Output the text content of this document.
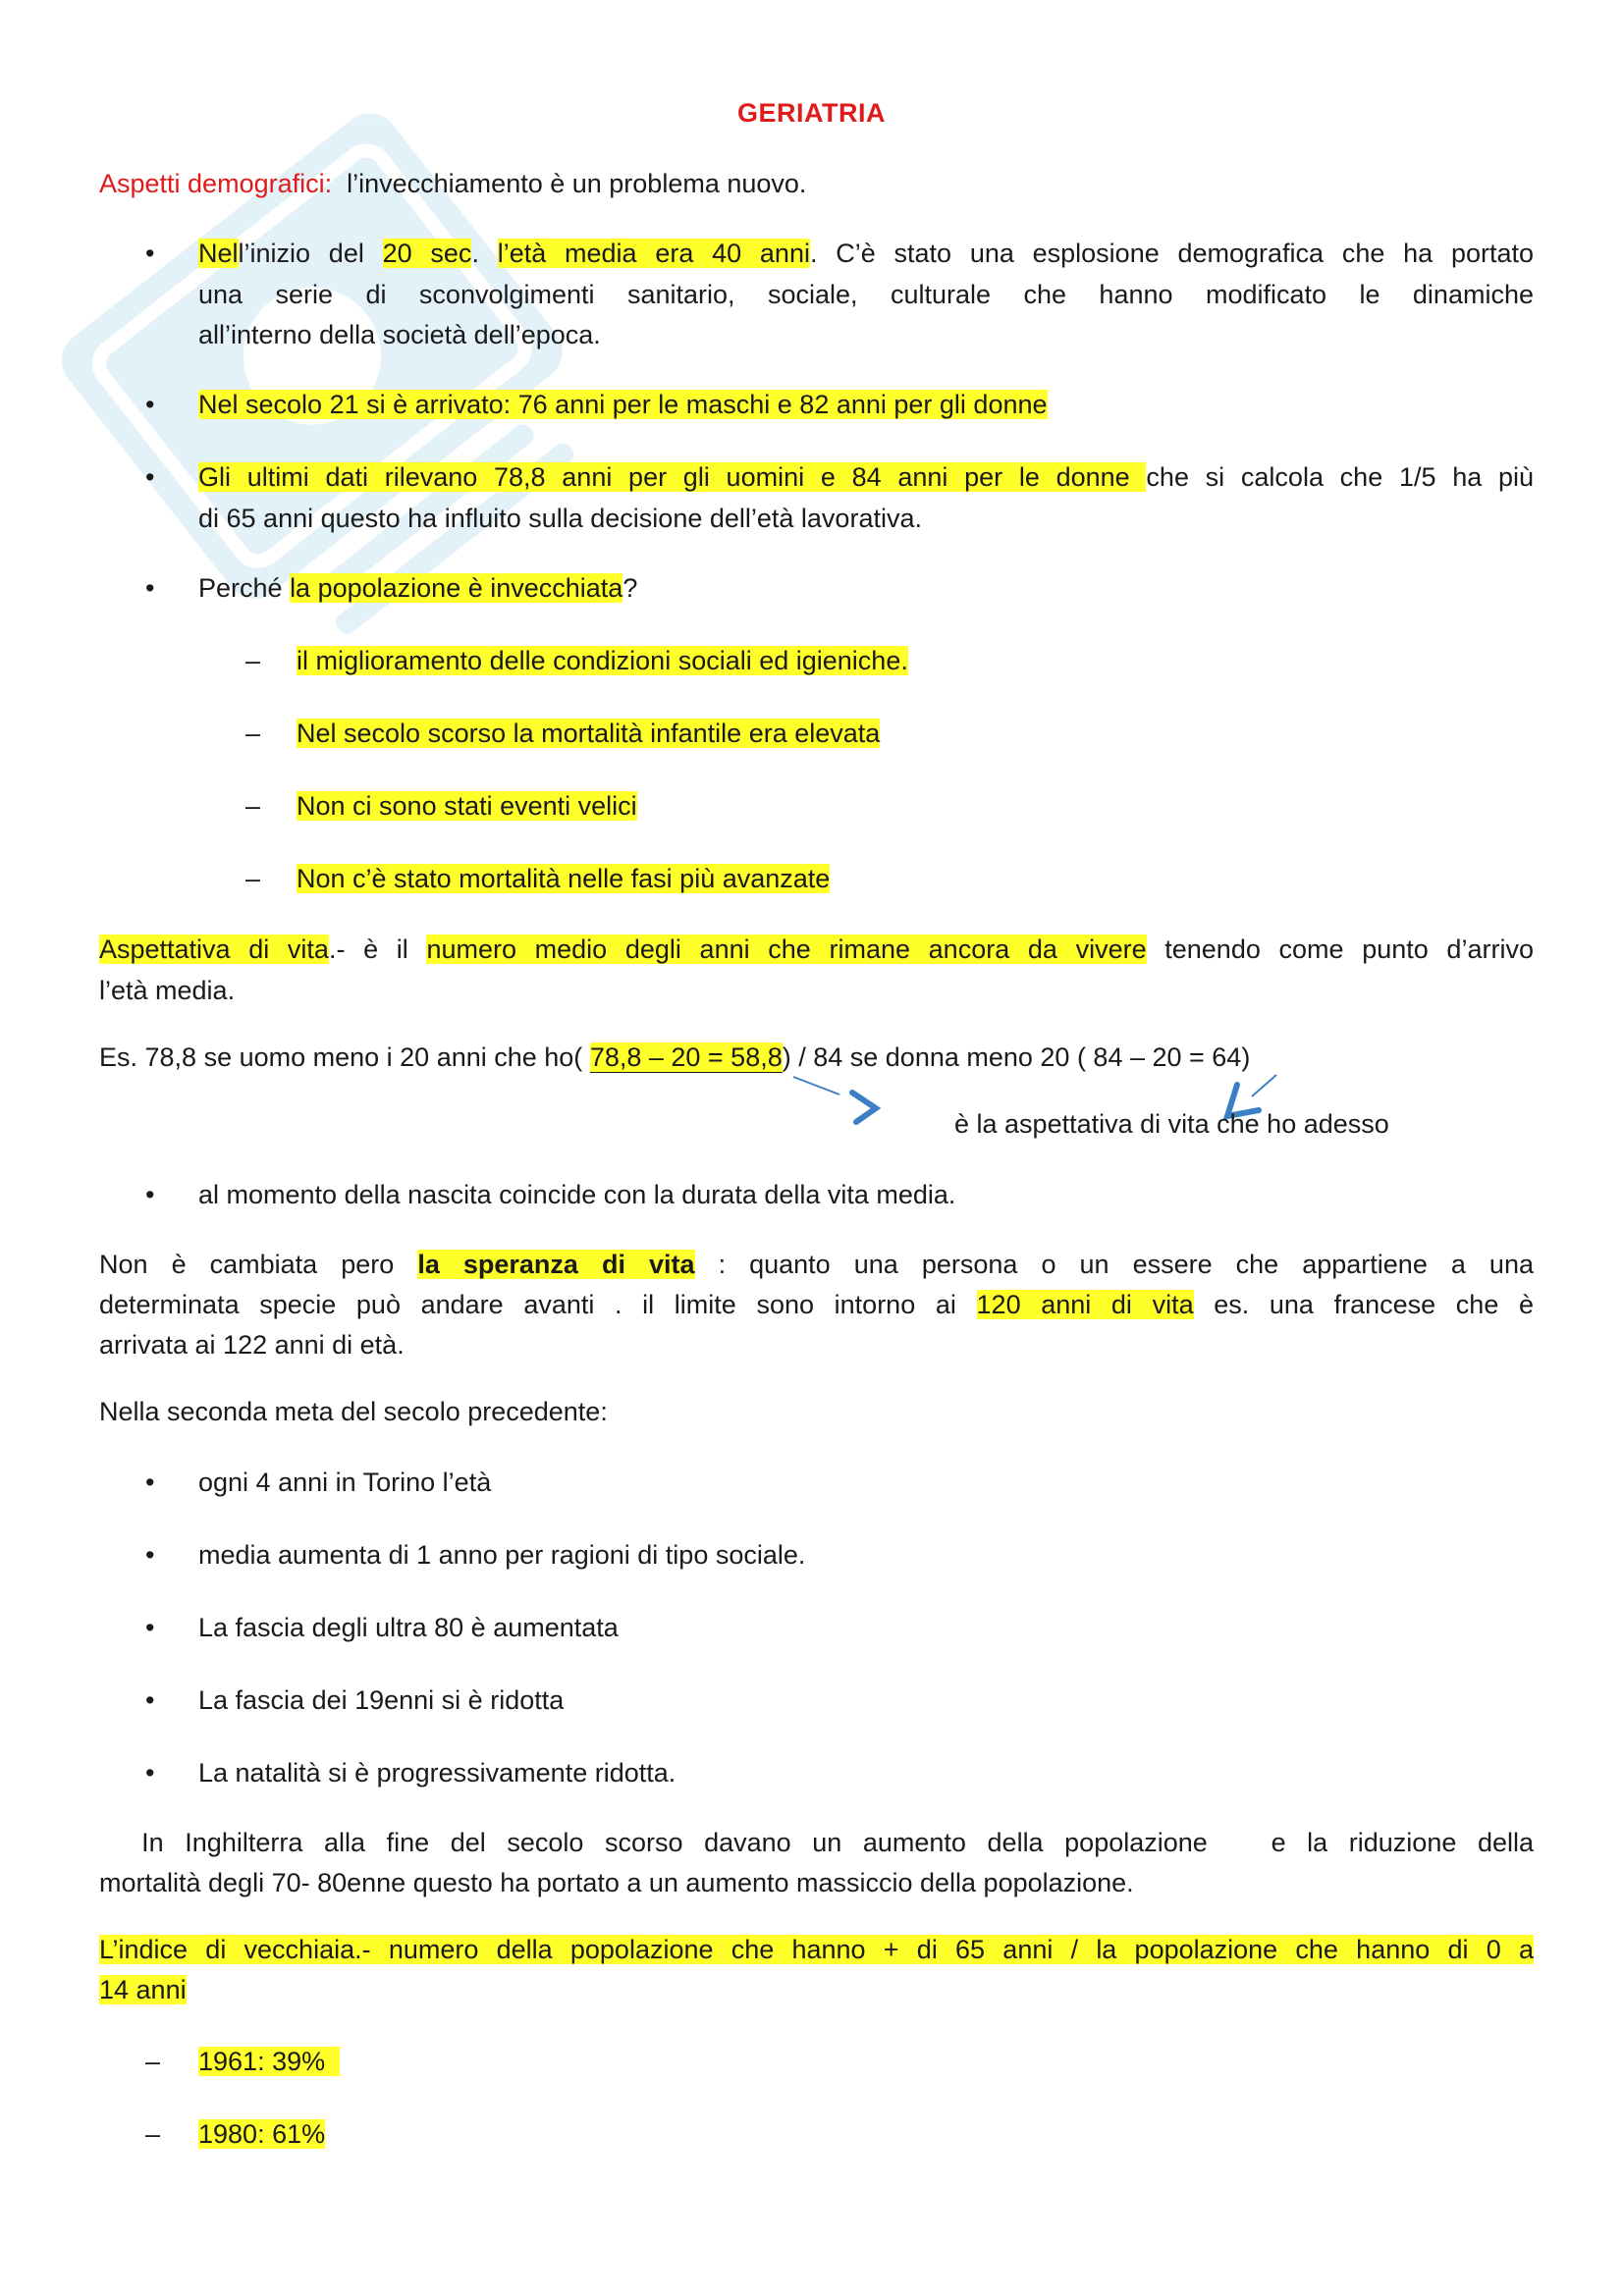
GERIATRIA
Aspetti demografici: l’invecchiamento è un problema nuovo.
• Nell’inizio del 20 sec. l’età media era 40 anni. C’è stato una esplosione demografica che ha portato
una serie di sconvolgimenti sanitario, sociale, culturale che hanno modificato le dinamiche
all’interno della società dell’epoca.
• Nel secolo 21 si è arrivato: 76 anni per le maschi e 82 anni per gli donne
• Gli ultimi dati rilevano 78,8 anni per gli uomini e 84 anni per le donne che si calcola che 1/5 ha più
di 65 anni questo ha influito sulla decisione dell’età lavorativa.
• Perché la popolazione è invecchiata?
– il miglioramento delle condizioni sociali ed igieniche.
– Nel secolo scorso la mortalità infantile era elevata
– Non ci sono stati eventi velici
– Non c’è stato mortalità nelle fasi più avanzate
Aspettativa di vita.- è il numero medio degli anni che rimane ancora da vivere tenendo come punto d’arrivo
l’età media.
Es. 78,8 se uomo meno i 20 anni che ho( 78,8 – 20 = 58,8) / 84 se donna meno 20 ( 84 – 20 = 64)
è la aspettativa di vita che ho adesso
• al momento della nascita coincide con la durata della vita media.
Non è cambiata pero la speranza di vita : quanto una persona o un essere che appartiene a una
determinata specie può andare avanti . il limite sono intorno ai 120 anni di vita es. una francese che è
arrivata ai 122 anni di età.
Nella seconda meta del secolo precedente:
• ogni 4 anni in Torino l’età
• media aumenta di 1 anno per ragioni di tipo sociale.
• La fascia degli ultra 80 è aumentata
• La fascia dei 19enni si è ridotta
• La natalità si è progressivamente ridotta.
In Inghilterra alla fine del secolo scorso davano un aumento della popolazione   e la riduzione della
mortalità degli 70- 80enne questo ha portato a un aumento massiccio della popolazione.
L’indice di vecchiaia.- numero della popolazione che hanno + di 65 anni / la popolazione che hanno di 0 a
14 anni
– 1961: 39%
– 1980: 61%
